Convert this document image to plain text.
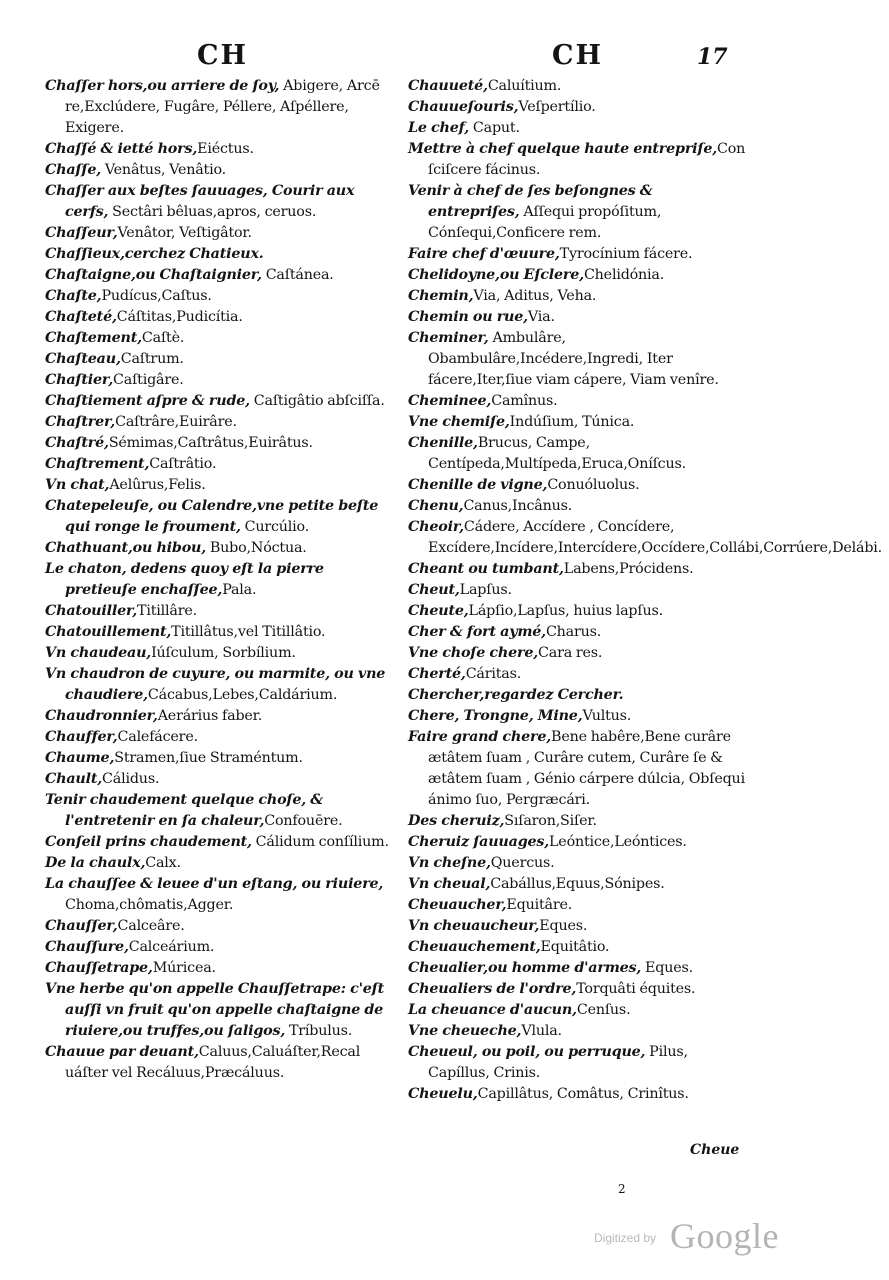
CH	CH	17
Chaſſer hors,ou arriere de ſoy, Abigere, Arcē re,Exclúdere, Fugâre, Péllere, Aſpéllere, Exigere.
Chaſſé & ietté hors,Eiéctus.
Chaſſe, Venâtus, Venâtio.
Chaſſer aux beſtes ſauuages, Courir aux cerfs, Sectâri bêluas,apros, ceruos.
Chaſſeur,Venâtor, Veſtigâtor.
Chaſſieux,cerchez Chatieux.
Chaſtaigne,ou Chaſtaignier, Caſtánea.
Chaſte,Pudícus,Caſtus.
Chaſteté,Cáſtitas,Pudicítia.
Chaſtement,Caſtè.
Chaſteau,Caſtrum.
Chaſtier,Caſtigâre.
Chaſtiement aſpre & rude, Caſtigâtio abſciſſa.
Chaſtrer,Caſtrâre,Euirâre.
Chaſtré,Sémimas,Caſtrâtus,Euirâtus.
Chaſtrement,Caſtrâtio.
Vn chat,Aelûrus,Felis.
Chatepeleuſe, ou Calendre,vne petite beſte qui ronge le froument, Curcúlio.
Chathuant,ou hibou, Bubo,Nóctua.
Le chaton, dedens quoy eſt la pierre pretieuſe enchaſſee,Pala.
Chatouiller,Titillâre.
Chatouillement,Titillâtus,vel Titillâtio.
Vn chaudeau,Iúſculum, Sorbílium.
Vn chaudron de cuyure, ou marmite, ou vne chaudiere,Cácabus,Lebes,Caldárium.
Chaudronnier,Aerárius faber.
Chauffer,Calefácere.
Chaume,Stramen,ſiue Straméntum.
Chault,Cálidus.
Tenir chaudement quelque choſe, & l'entretenir en ſa chaleur,Confouēre.
Conſeil prins chaudement, Cálidum conſílium.
De la chaulx,Calx.
La chauſſee & leuee d'un eſtang, ou riuiere, Choma,chômatis,Agger.
Chauſſer,Calceâre.
Chauſſure,Calceárium.
Chauſſetrape,Múricea.
Vne herbe qu'on appelle Chauſſetrape: c'eſt auſſi vn fruit qu'on appelle chaſtaigne de riuiere,ou truffes,ou ſaligos, Tríbulus.
Chauue par deuant,Caluus,Caluáſter,Recal uáſter vel Recáluus,Præcáluus.
Chauueté,Caluítium.
Chauueſouris,Veſpertílio.
Le chef, Caput.
Mettre à chef quelque haute entrepriſe,Con ſciſcere fácinus.
Venir à chef de ſes beſongnes & entrepriſes, Aſſequi propóſitum, Cónſequi,Conficere rem.
Faire chef d'œuure,Tyrocínium fácere.
Chelidoyne,ou Eſclere,Chelidónia.
Chemin,Via, Aditus, Veha.
Chemin ou rue,Via.
Cheminer, Ambulâre, Obambulâre,Incédere,Ingredi, Iter fácere,Iter,ſiue viam cápere, Viam venîre.
Cheminee,Camînus.
Vne chemiſe,Indúſium, Túnica.
Chenille,Brucus, Campe, Centípeda,Multípeda,Eruca,Oníſcus.
Chenille de vigne,Conuóluolus.
Chenu,Canus,Incânus.
Cheoir,Cádere, Accídere , Concídere, Excídere,Incídere,Intercídere,Occídere,Collábi,Corrúere,Delábi.
Cheant ou tumbant,Labens,Prócidens.
Cheut,Lapſus.
Cheute,Lápſio,Lapſus, huius lapſus.
Cher & fort aymé,Charus.
Vne choſe chere,Cara res.
Cherté,Cáritas.
Chercher,regardez Cercher.
Chere, Trongne, Mine,Vultus.
Faire grand chere,Bene habêre,Bene curâre ætâtem ſuam , Curâre cutem, Curâre ſe & ætâtem ſuam , Génio cárpere dúlcia, Obſequi ánimo ſuo, Pergræcári.
Des cheruiz,Sıſaron,Siſer.
Cheruiz ſauuages,Leóntice,Leóntices.
Vn cheſne,Quercus.
Vn cheual,Cabállus,Equus,Sónipes.
Cheuaucher,Equitâre.
Vn cheuaucheur,Eques.
Cheuauchement,Equitâtio.
Cheualier,ou homme d'armes, Eques.
Cheualiers de l'ordre,Torquâti équites.
La cheuance d'aucun,Cenſus.
Vne cheueche,Vlula.
Cheueul, ou poil, ou perruque, Pilus, Capíllus, Crinis.
Cheuelu,Capillâtus, Comâtus, Crinîtus.
Cheue
2
Digitized by Google
